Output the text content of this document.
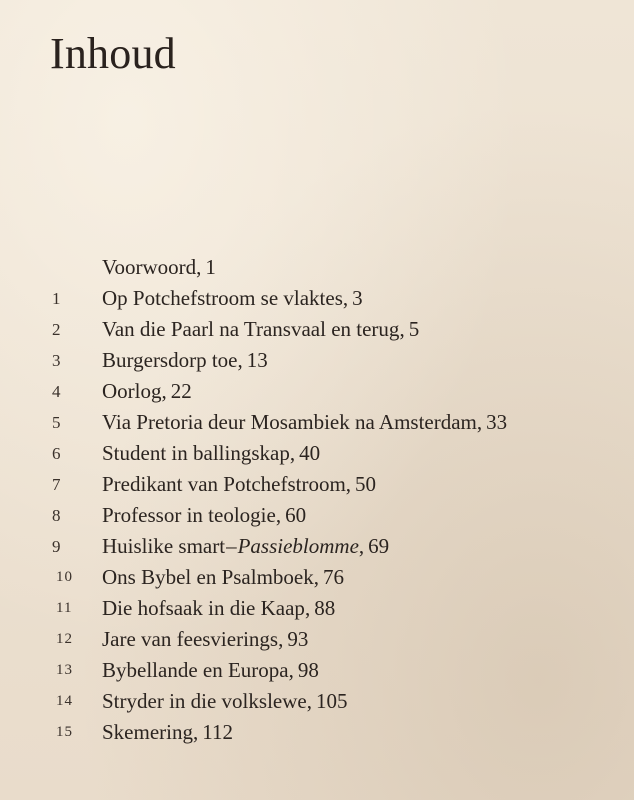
Inhoud
Voorwoord, 1
1	Op Potchefstroom se vlaktes, 3
2	Van die Paarl na Transvaal en terug, 5
3	Burgersdorp toe, 13
4	Oorlog, 22
5	Via Pretoria deur Mosambiek na Amsterdam, 33
6	Student in ballingskap, 40
7	Predikant van Potchefstroom, 50
8	Professor in teologie, 60
9	Huislike smart–Passieblomme, 69
10	Ons Bybel en Psalmboek, 76
11	Die hofsaak in die Kaap, 88
12	Jare van feesvierings, 93
13	Bybellande en Europa, 98
14	Stryder in die volkslewe, 105
15	Skemering, 112
